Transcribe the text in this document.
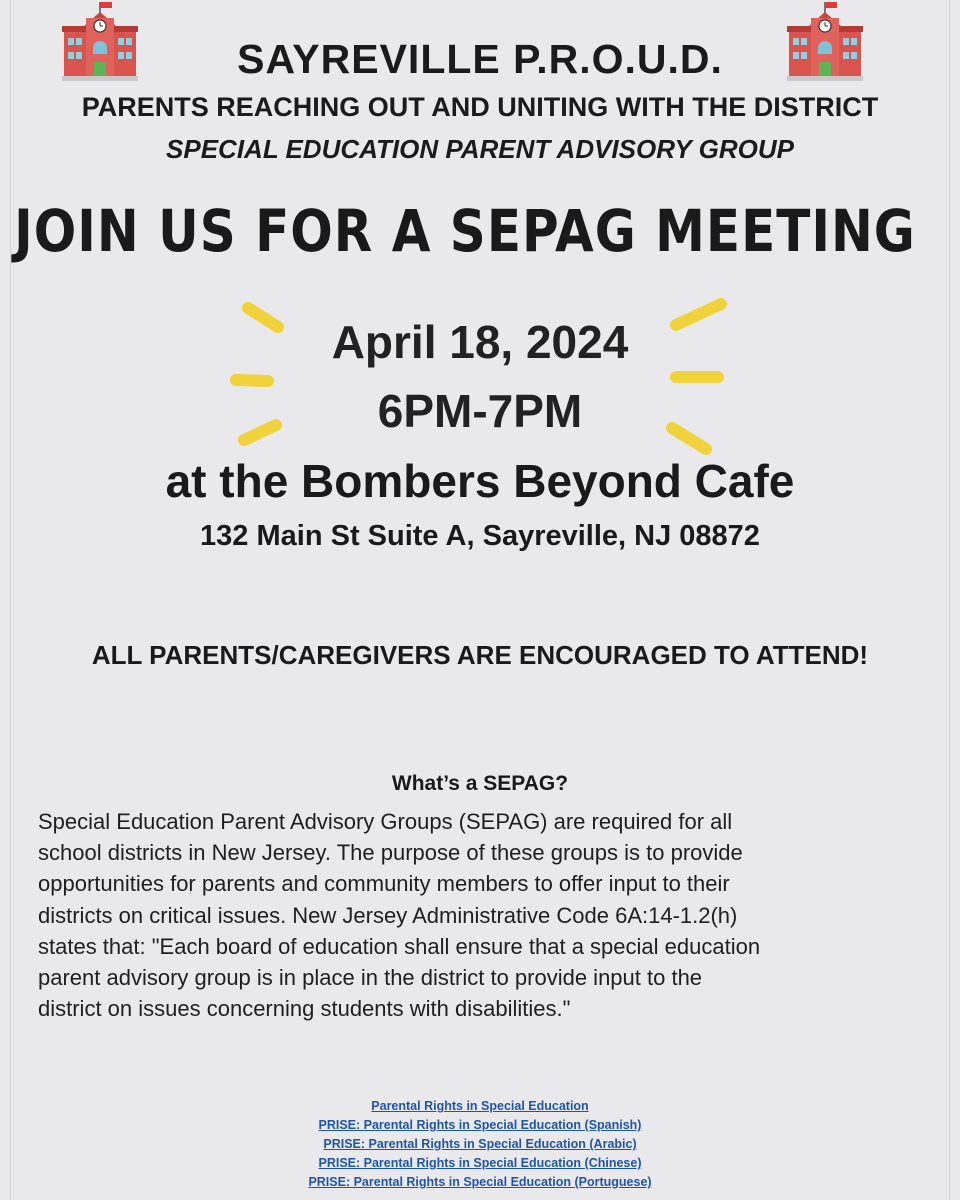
SAYREVILLE P.R.O.U.D.
PARENTS REACHING OUT AND UNITING WITH THE DISTRICT
SPECIAL EDUCATION PARENT ADVISORY GROUP
JOIN US FOR A SEPAG MEETING
April 18, 2024
6PM-7PM
at the Bombers Beyond Cafe
132 Main St Suite A, Sayreville, NJ 08872
ALL PARENTS/CAREGIVERS ARE ENCOURAGED TO ATTEND!
What’s a SEPAG?
Special Education Parent Advisory Groups (SEPAG) are required for all
school districts in New Jersey. The purpose of these groups is to provide
opportunities for parents and community members to offer input to their
districts on critical issues. New Jersey Administrative Code 6A:14-1.2(h)
states that: "Each board of education shall ensure that a special education
parent advisory group is in place in the district to provide input to the
district on issues concerning students with disabilities."
Parental Rights in Special Education
PRISE: Parental Rights in Special Education (Spanish)
PRISE: Parental Rights in Special Education (Arabic)
PRISE: Parental Rights in Special Education (Chinese)
PRISE: Parental Rights in Special Education (Portuguese)
